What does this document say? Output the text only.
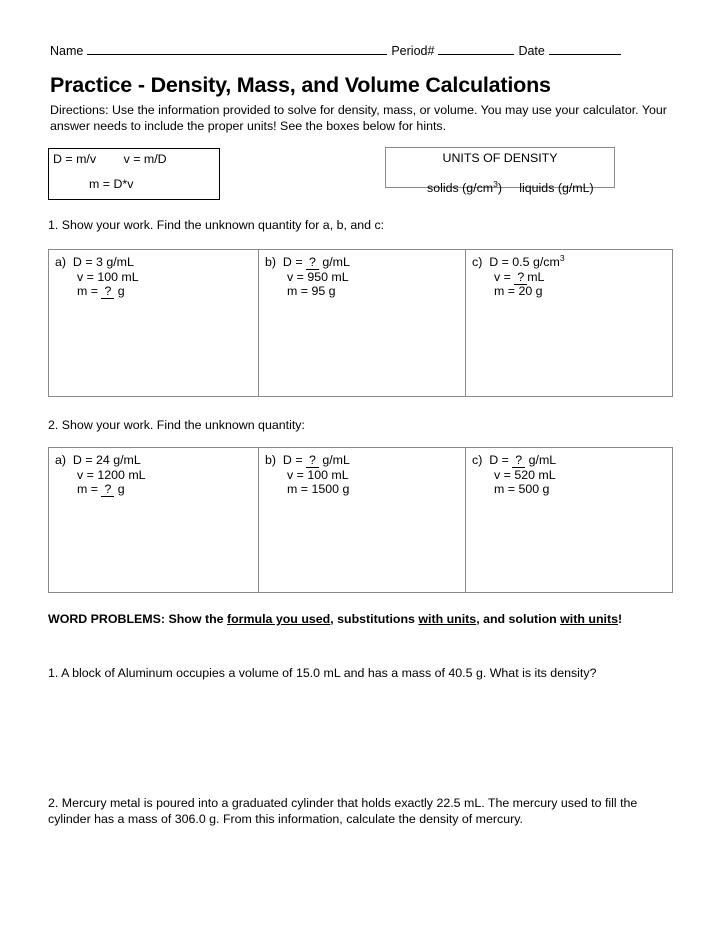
Name	Period#	Date
Practice - Density, Mass, and Volume Calculations
Directions: Use the information provided to solve for density, mass, or volume. You may use your calculator. Your answer needs to include the proper units! See the boxes below for hints.
D = m/v        v = m/D
m = D*v
UNITS OF DENSITY

solids $(g/cm^3)$ liquids (g/mL)

1. Show your work. Find the unknown quantity for a, b, and c:
a) D = 3 g/mL
v = 100 mL
m = ? g
b) D = ? g/mL
v = 950 mL
m = 95 g
c) D = 0.5 $g/cm^3$
v = ? mL
m = 20 g
2. Show your work. Find the unknown quantity:
a) D = 24 g/mL
v = 1200 mL
m = ? g
b) D = ? g/mL
v = 100 mL
m = 1500 g
c) D = ? g/mL
v = 520 mL
m = 500 g
WORD PROBLEMS: Show the formula you used, substitutions with units, and solution with units!
1. A block of Aluminum occupies a volume of 15.0 mL and has a mass of 40.5 g. What is its density?
2. Mercury metal is poured into a graduated cylinder that holds exactly 22.5 mL. The mercury used to fill the cylinder has a mass of 306.0 g. From this information, calculate the density of mercury.
